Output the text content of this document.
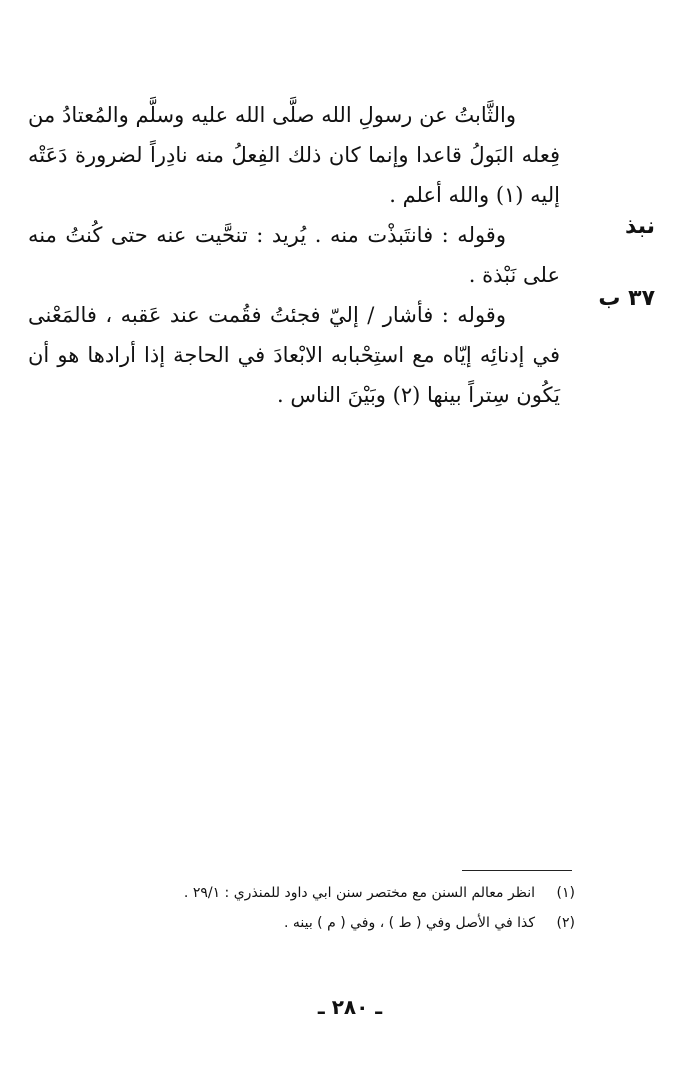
والثَّابتُ عن رسولِ الله صلَّى الله عليه وسلَّم والمُعتادُ من فِعله البَولُ قاعدا وإنما كان ذلك الفِعلُ منه نادِراً لضرورة دَعَتْه إليه (١) والله أعلم .

وقوله : فانتَبذْت منه . يُريد : تنحَّيت عنه حتى كُنتُ منه على نَبْذة .

وقوله : فأشار / إليّ فجئتُ فقُمت عند عَقبه ، فالمَعْنى في إدنائِه إيّاه مع استِحْبابه الابْعادَ في الحاجة إذا أرادها هو أن يَكُون سِتراً بينها (٢) وبَيْنَ الناس .

نبذ
٣٧ ب
(١)
انظر معالم السنن مع مختصر سنن ابي داود للمنذري : ٢٩/١ .
(٢)
كذا في الأصل وفي ( ط ) ، وفي ( م ) بينه .
ـ ٢٨٠ ـ
